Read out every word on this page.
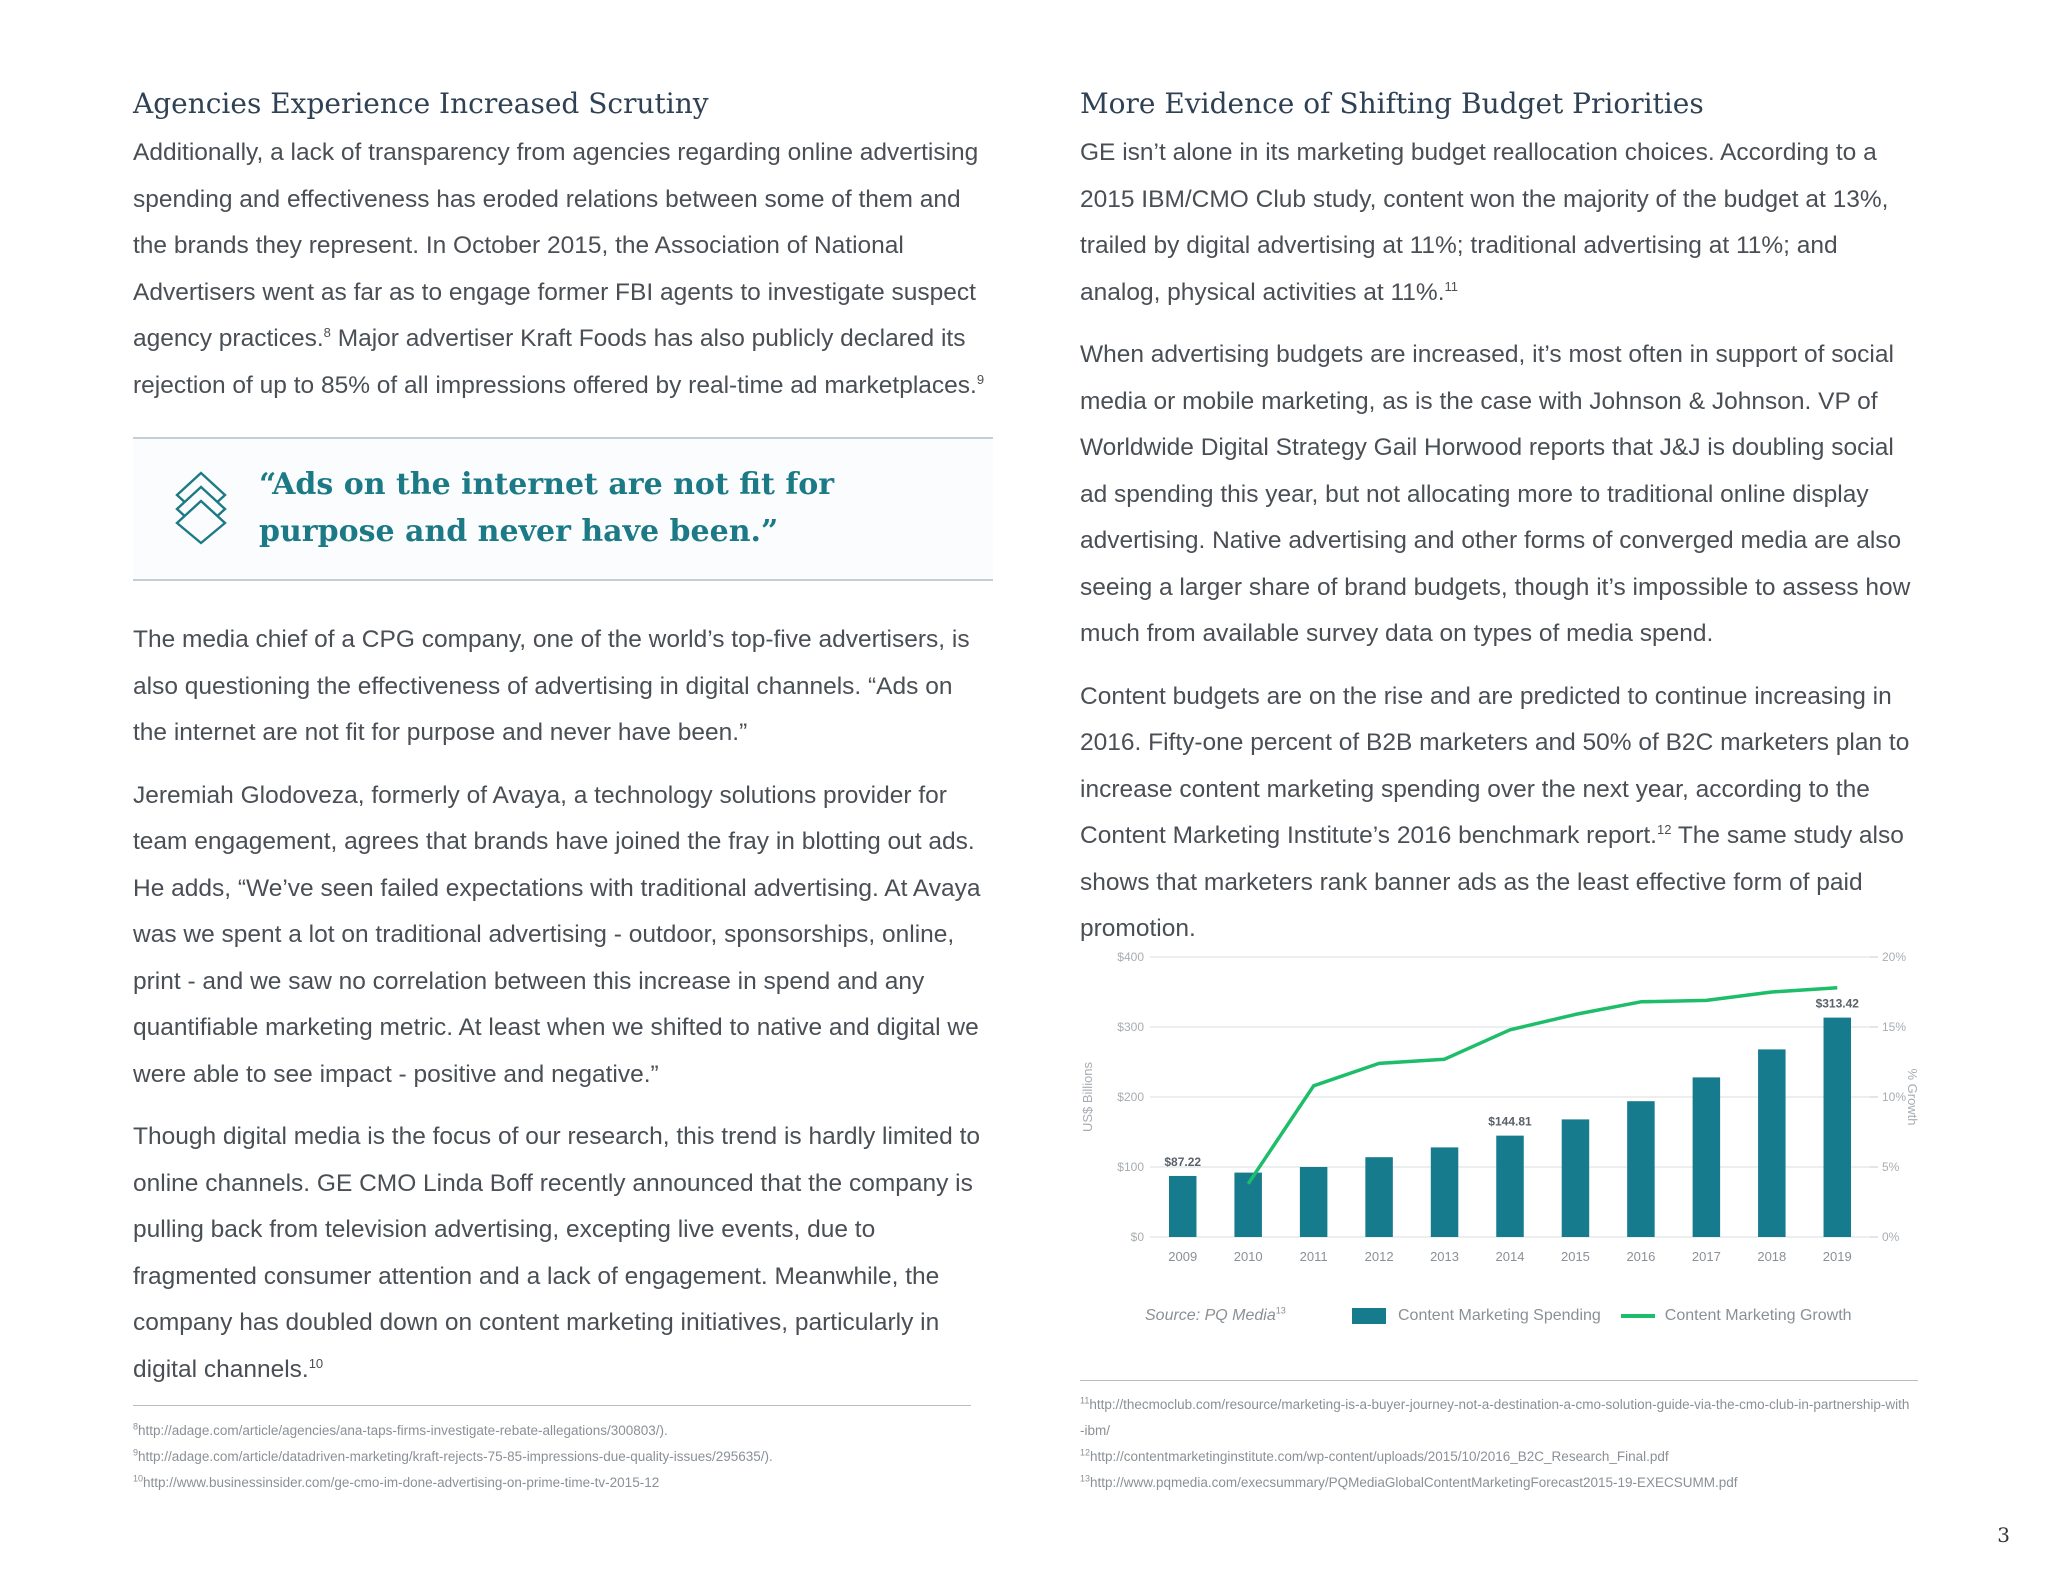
Agencies Experience Increased Scrutiny

Additionally, a lack of transparency from agencies regarding online advertising spending and effectiveness has eroded relations between some of them and the brands they represent. In October 2015, the Association of National Advertisers went as far as to engage former FBI agents to investigate suspect agency practices.$^8$ Major advertiser Kraft Foods has also publicly declared its rejection of up to 85% of all impressions offered by real-time ad marketplaces.$^9$

“Ads on the internet are not fit for purpose and never have been.”

The media chief of a CPG company, one of the world’s top-five advertisers, is also questioning the effectiveness of advertising in digital channels. “Ads on the internet are not fit for purpose and never have been.”

Jeremiah Glodoveza, formerly of Avaya, a technology solutions provider for team engagement, agrees that brands have joined the fray in blotting out ads. He adds, “We’ve seen failed expectations with traditional advertising. At Avaya was we spent a lot on traditional advertising - outdoor, sponsorships, online, print - and we saw no correlation between this increase in spend and any quantifiable marketing metric. At least when we shifted to native and digital we were able to see impact - positive and negative.”

Though digital media is the focus of our research, this trend is hardly limited to online channels. GE CMO Linda Boff recently announced that the company is pulling back from television advertising, excepting live events, due to fragmented consumer attention and a lack of engagement. Meanwhile, the company has doubled down on content marketing initiatives, particularly in digital channels.$^{10}$

$^8$http://adage.com/article/agencies/ana-taps-firms-investigate-rebate-allegations/300803/).

$^9$http://adage.com/article/datadriven-marketing/kraft-rejects-75-85-impressions-due-quality-issues/295635/).

$^{10}$http://www.businessinsider.com/ge-cmo-im-done-advertising-on-prime-time-tv-2015-12

More Evidence of Shifting Budget Priorities

GE isn’t alone in its marketing budget reallocation choices. According to a 2015 IBM/CMO Club study, content won the majority of the budget at 13%, trailed by digital advertising at 11%; traditional advertising at 11%; and analog, physical activities at 11%.$^{11}$

When advertising budgets are increased, it’s most often in support of social media or mobile marketing, as is the case with Johnson & Johnson. VP of Worldwide Digital Strategy Gail Horwood reports that J&J is doubling social ad spending this year, but not allocating more to traditional online display advertising. Native advertising and other forms of converged media are also seeing a larger share of brand budgets, though it’s impossible to assess how much from available survey data on types of media spend.

Content budgets are on the rise and are predicted to continue increasing in 2016. Fifty-one percent of B2B marketers and 50% of B2C marketers plan to increase content marketing spending over the next year, according to the Content Marketing Institute’s 2016 benchmark report.$^{12}$ The same study also shows that marketers rank banner ads as the least effective form of paid promotion.

$0
$100
$200
$300
$400
0%
5%
10%
15%
20%
US$ Billions	% Growth
2009	2010	2011	2012	2013	2014	2015	2016	2017	2018	2019
$87.22
$144.81
$313.42
Source: PQ Media$^{13}$	Content Marketing Spending	Content Marketing Growth

$^{11}$http://thecmoclub.com/resource/marketing-is-a-buyer-journey-not-a-destination-a-cmo-solution-guide-via-the-cmo-club-in-partnership-with-ibm/

$^{12}$http://contentmarketinginstitute.com/wp-content/uploads/2015/10/2016_B2C_Research_Final.pdf

$^{13}$http://www.pqmedia.com/execsummary/PQMediaGlobalContentMarketingForecast2015-19-EXECSUMM.pdf

3
